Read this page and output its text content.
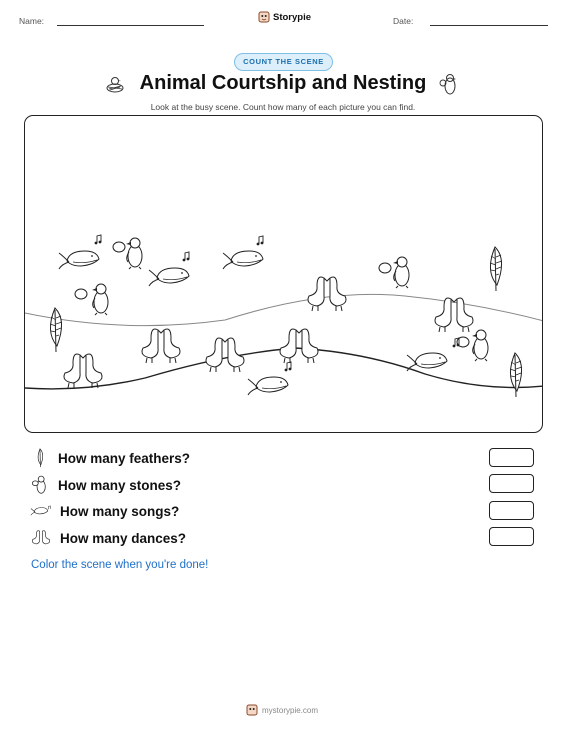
Name:	Storypie	Date:
COUNT THE SCENE
Animal Courtship and Nesting
Look at the busy scene. Count how many of each picture you can find.
How many feathers?
How many stones?
How many songs?
How many dances?
Color the scene when you're done!
mystorypie.com
